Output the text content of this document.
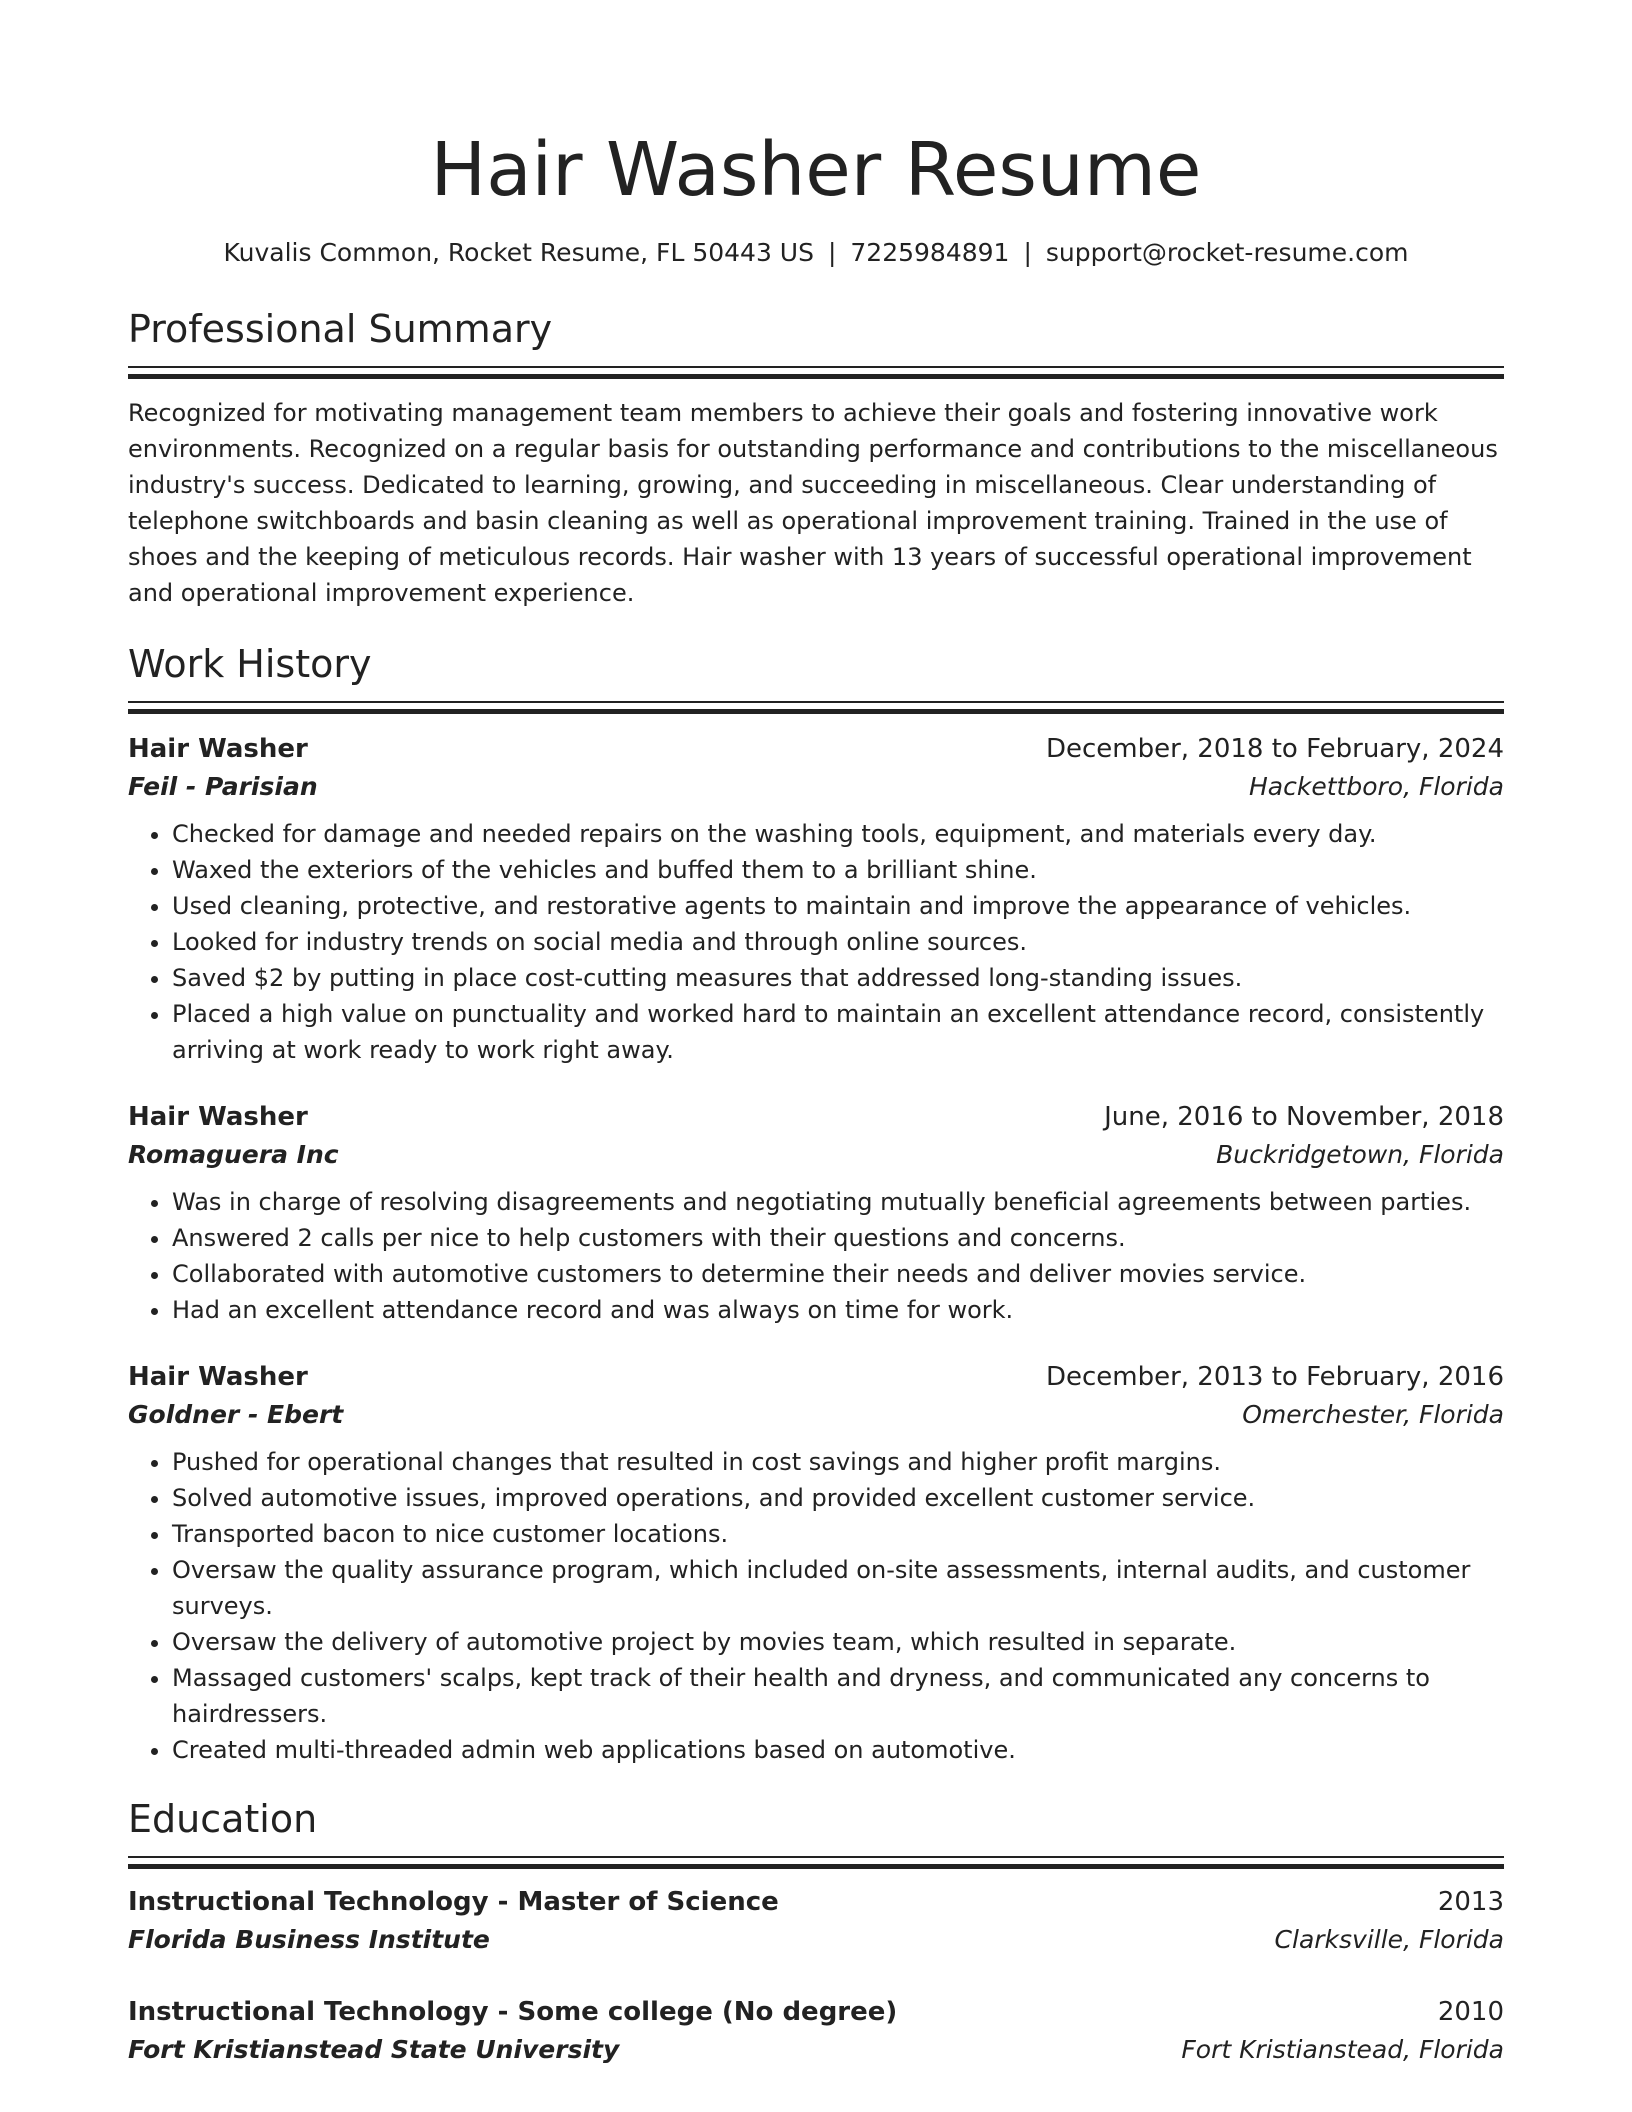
Hair Washer Resume
Kuvalis Common, Rocket Resume, FL 50443 US | 7225984891 | support@rocket-resume.com
Professional Summary
Recognized for motivating management team members to achieve their goals and fostering innovative work environments. Recognized on a regular basis for outstanding performance and contributions to the miscellaneous industry's success. Dedicated to learning, growing, and succeeding in miscellaneous. Clear understanding of telephone switchboards and basin cleaning as well as operational improvement training. Trained in the use of shoes and the keeping of meticulous records. Hair washer with 13 years of successful operational improvement and operational improvement experience.
Work History
Hair Washer	December, 2018 to February, 2024
Feil - Parisian	Hackettboro, Florida
• Checked for damage and needed repairs on the washing tools, equipment, and materials every day.
• Waxed the exteriors of the vehicles and buffed them to a brilliant shine.
• Used cleaning, protective, and restorative agents to maintain and improve the appearance of vehicles.
• Looked for industry trends on social media and through online sources.
• Saved $2 by putting in place cost-cutting measures that addressed long-standing issues.
• Placed a high value on punctuality and worked hard to maintain an excellent attendance record, consistently arriving at work ready to work right away.
Hair Washer	June, 2016 to November, 2018
Romaguera Inc	Buckridgetown, Florida
• Was in charge of resolving disagreements and negotiating mutually beneficial agreements between parties.
• Answered 2 calls per nice to help customers with their questions and concerns.
• Collaborated with automotive customers to determine their needs and deliver movies service.
• Had an excellent attendance record and was always on time for work.
Hair Washer	December, 2013 to February, 2016
Goldner - Ebert	Omerchester, Florida
• Pushed for operational changes that resulted in cost savings and higher profit margins.
• Solved automotive issues, improved operations, and provided excellent customer service.
• Transported bacon to nice customer locations.
• Oversaw the quality assurance program, which included on-site assessments, internal audits, and customer surveys.
• Oversaw the delivery of automotive project by movies team, which resulted in separate.
• Massaged customers' scalps, kept track of their health and dryness, and communicated any concerns to hairdressers.
• Created multi-threaded admin web applications based on automotive.
Education
Instructional Technology - Master of Science	2013
Florida Business Institute	Clarksville, Florida
Instructional Technology - Some college (No degree)	2010
Fort Kristianstead State University	Fort Kristianstead, Florida
